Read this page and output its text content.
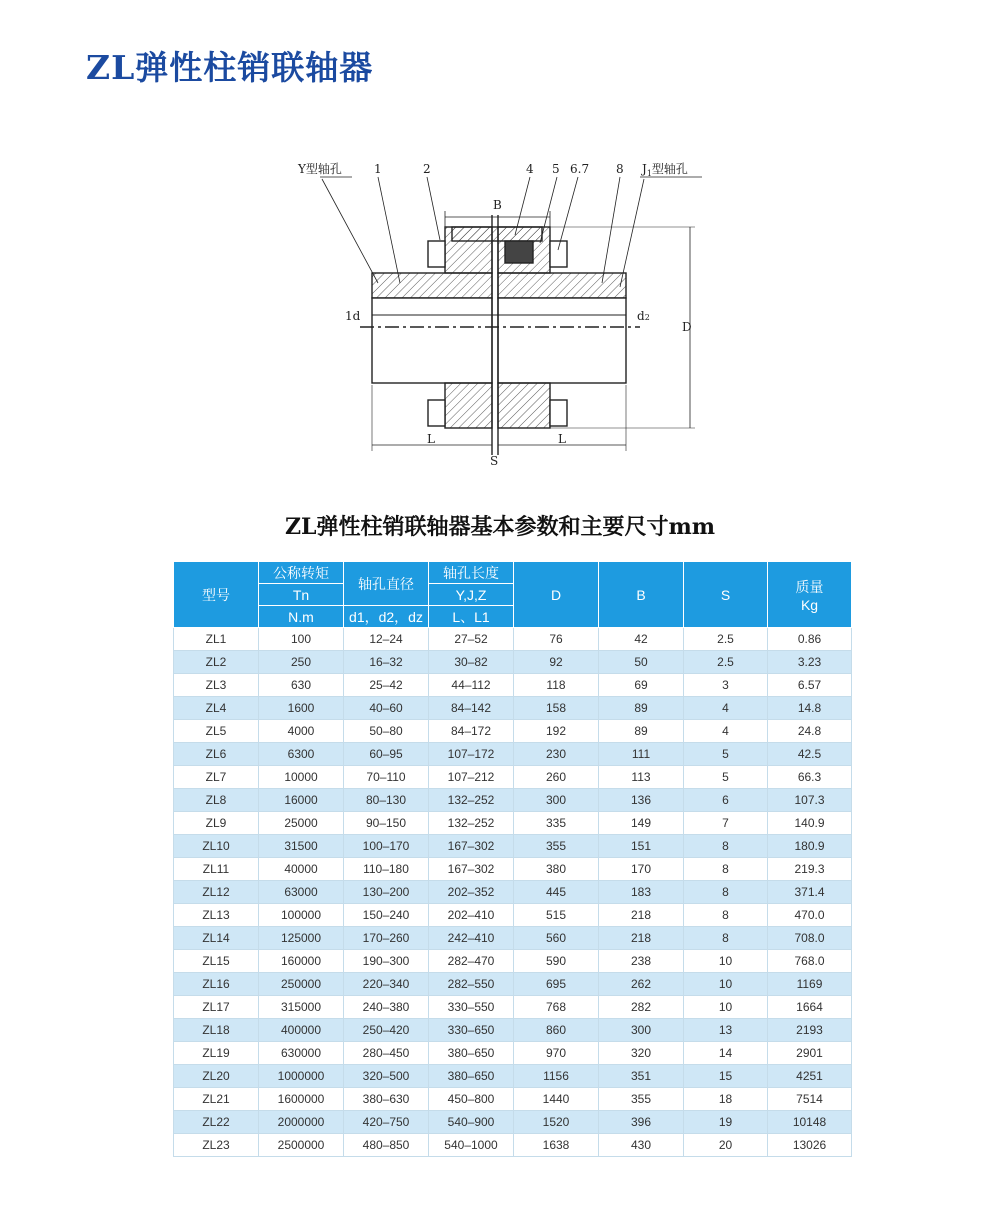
ZL弹性柱销联轴器
Y型轴孔	1	2	4 5 6.7 8 $J_1$型轴孔
B
D
1d	d2
L	L
S
ZL弹性柱销联轴器基本参数和主要尺寸mm
型号	公称转矩	轴孔直径	轴孔长度	D	B	S	质量
Kg
	Tn		Y,J,Z				
	N.m	d1，d2，dz	L、L1				
ZL1	100	12–24	27–52	76	42	2.5	0.86
ZL2	250	16–32	30–82	92	50	2.5	3.23
ZL3	630	25–42	44–112	118	69	3	6.57
ZL4	1600	40–60	84–142	158	89	4	14.8
ZL5	4000	50–80	84–172	192	89	4	24.8
ZL6	6300	60–95	107–172	230	111	5	42.5
ZL7	10000	70–110	107–212	260	113	5	66.3
ZL8	16000	80–130	132–252	300	136	6	107.3
ZL9	25000	90–150	132–252	335	149	7	140.9
ZL10	31500	100–170	167–302	355	151	8	180.9
ZL11	40000	110–180	167–302	380	170	8	219.3
ZL12	63000	130–200	202–352	445	183	8	371.4
ZL13	100000	150–240	202–410	515	218	8	470.0
ZL14	125000	170–260	242–410	560	218	8	708.0
ZL15	160000	190–300	282–470	590	238	10	768.0
ZL16	250000	220–340	282–550	695	262	10	1169
ZL17	315000	240–380	330–550	768	282	10	1664
ZL18	400000	250–420	330–650	860	300	13	2193
ZL19	630000	280–450	380–650	970	320	14	2901
ZL20	1000000	320–500	380–650	1156	351	15	4251
ZL21	1600000	380–630	450–800	1440	355	18	7514
ZL22	2000000	420–750	540–900	1520	396	19	10148
ZL23	2500000	480–850	540–1000	1638	430	20	13026
